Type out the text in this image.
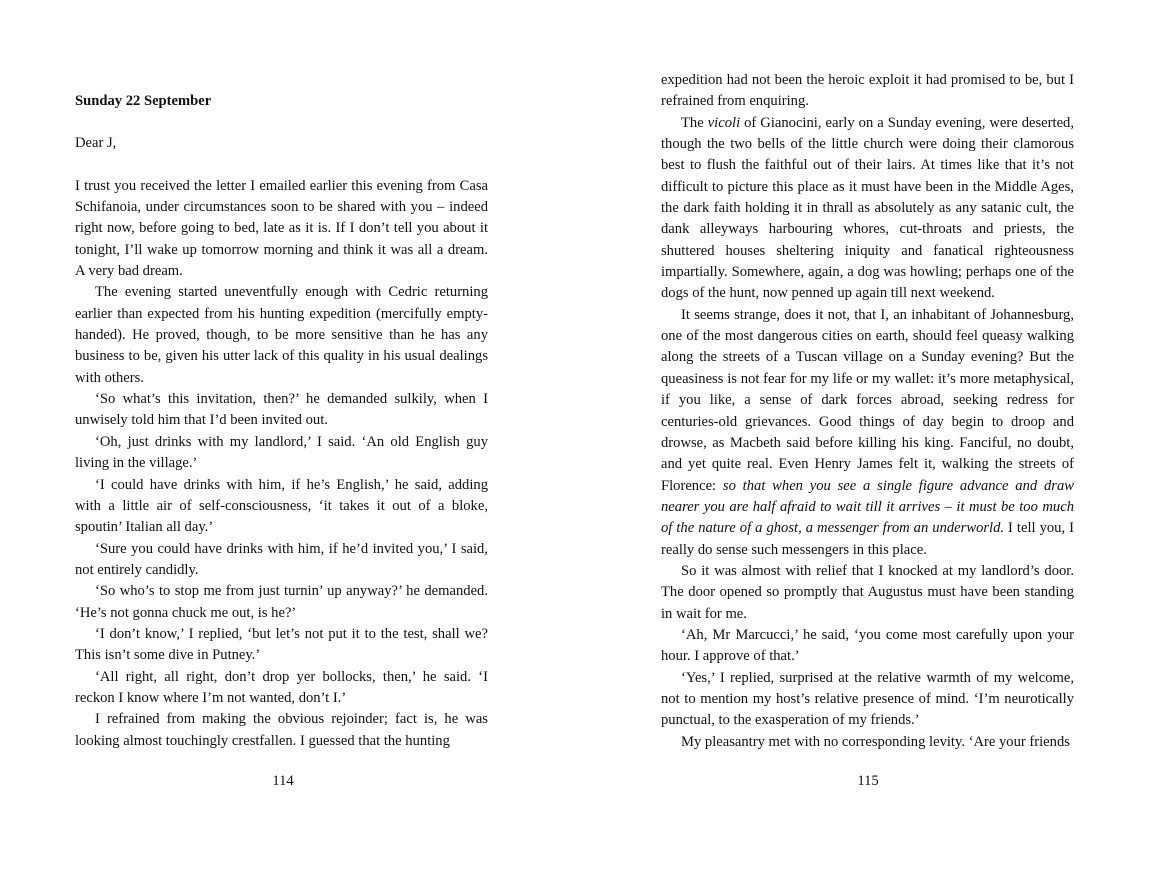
Sunday 22 September

Dear J,

I trust you received the letter I emailed earlier this evening from Casa Schifanoia, under circumstances soon to be shared with you – indeed right now, before going to bed, late as it is. If I don’t tell you about it tonight, I’ll wake up tomorrow morning and think it was all a dream. A very bad dream.

The evening started uneventfully enough with Cedric returning earlier than expected from his hunting expedition (mercifully empty-handed). He proved, though, to be more sensitive than he has any business to be, given his utter lack of this quality in his usual dealings with others.

‘So what’s this invitation, then?’ he demanded sulkily, when I unwisely told him that I’d been invited out.

‘Oh, just drinks with my landlord,’ I said. ‘An old English guy living in the village.’

‘I could have drinks with him, if he’s English,’ he said, adding with a little air of self-consciousness, ‘it takes it out of a bloke, spoutin’ Italian all day.’

‘Sure you could have drinks with him, if he’d invited you,’ I said, not entirely candidly.

‘So who’s to stop me from just turnin’ up anyway?’ he demanded. ‘He’s not gonna chuck me out, is he?’

‘I don’t know,’ I replied, ‘but let’s not put it to the test, shall we? This isn’t some dive in Putney.’

‘All right, all right, don’t drop yer bollocks, then,’ he said. ‘I reckon I know where I’m not wanted, don’t I.’

I refrained from making the obvious rejoinder; fact is, he was looking almost touchingly crestfallen. I guessed that the hunting

expedition had not been the heroic exploit it had promised to be, but I refrained from enquiring.

The vicoli of Gianocini, early on a Sunday evening, were deserted, though the two bells of the little church were doing their clamorous best to flush the faithful out of their lairs. At times like that it’s not difficult to picture this place as it must have been in the Middle Ages, the dark faith holding it in thrall as absolutely as any satanic cult, the dank alleyways harbouring whores, cut-throats and priests, the shuttered houses sheltering iniquity and fanatical righteousness impartially. Somewhere, again, a dog was howling; perhaps one of the dogs of the hunt, now penned up again till next weekend.

It seems strange, does it not, that I, an inhabitant of Johannesburg, one of the most dangerous cities on earth, should feel queasy walking along the streets of a Tuscan village on a Sunday evening? But the queasiness is not fear for my life or my wallet: it’s more metaphysical, if you like, a sense of dark forces abroad, seeking redress for centuries-old grievances. Good things of day begin to droop and drowse, as Macbeth said before killing his king. Fanciful, no doubt, and yet quite real. Even Henry James felt it, walking the streets of Florence: so that when you see a single figure advance and draw nearer you are half afraid to wait till it arrives – it must be too much of the nature of a ghost, a messenger from an underworld. I tell you, I really do sense such messengers in this place.

So it was almost with relief that I knocked at my landlord’s door. The door opened so promptly that Augustus must have been standing in wait for me.

‘Ah, Mr Marcucci,’ he said, ‘you come most carefully upon your hour. I approve of that.’

‘Yes,’ I replied, surprised at the relative warmth of my welcome, not to mention my host’s relative presence of mind. ‘I’m neurotically punctual, to the exasperation of my friends.’

My pleasantry met with no corresponding levity. ‘Are your friends

114	115
